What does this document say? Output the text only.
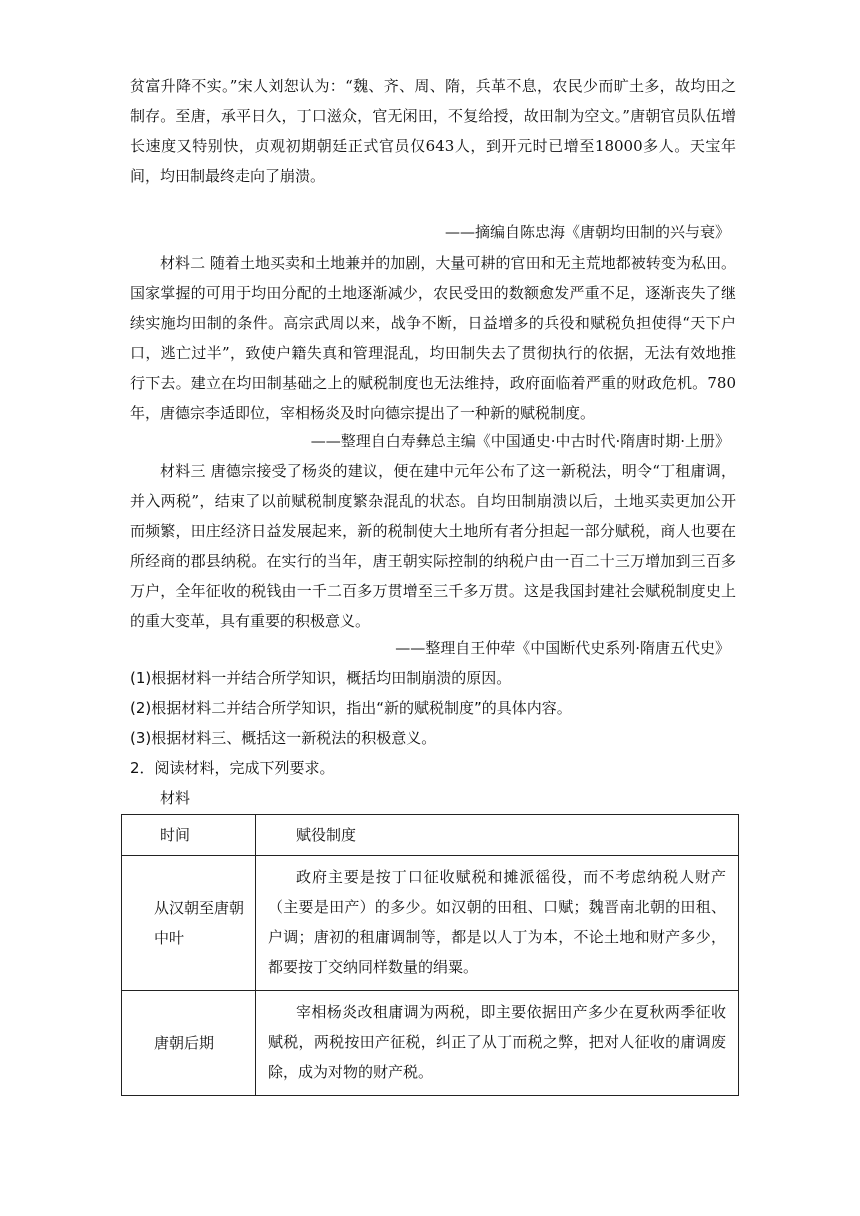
贫富升降不实。”宋人刘恕认为：“魏、齐、周、隋，兵革不息，农民少而旷土多，故均田之制存。至唐，承平日久，丁口滋众，官无闲田，不复给授，故田制为空文。”唐朝官员队伍增长速度又特别快，贞观初期朝廷正式官员仅643人，到开元时已增至18000多人。天宝年间，均田制最终走向了崩溃。

——摘编自陈忠海《唐朝均田制的兴与衰》

材料二 随着土地买卖和土地兼并的加剧，大量可耕的官田和无主荒地都被转变为私田。国家掌握的可用于均田分配的土地逐渐减少，农民受田的数额愈发严重不足，逐渐丧失了继续实施均田制的条件。高宗武周以来，战争不断，日益增多的兵役和赋税负担使得“天下户口，逃亡过半”，致使户籍失真和管理混乱，均田制失去了贯彻执行的依据，无法有效地推行下去。建立在均田制基础之上的赋税制度也无法维持，政府面临着严重的财政危机。780年，唐德宗李适即位，宰相杨炎及时向德宗提出了一种新的赋税制度。

——整理自白寿彝总主编《中国通史·中古时代·隋唐时期·上册》

材料三 唐德宗接受了杨炎的建议，便在建中元年公布了这一新税法，明令“丁租庸调，并入两税”，结束了以前赋税制度繁杂混乱的状态。自均田制崩溃以后，土地买卖更加公开而频繁，田庄经济日益发展起来，新的税制使大土地所有者分担起一部分赋税，商人也要在所经商的郡县纳税。在实行的当年，唐王朝实际控制的纳税户由一百二十三万增加到三百多万户，全年征收的税钱由一千二百多万贯增至三千多万贯。这是我国封建社会赋税制度史上的重大变革，具有重要的积极意义。

——整理自王仲荦《中国断代史系列·隋唐五代史》

(1)根据材料一并结合所学知识，概括均田制崩溃的原因。

(2)根据材料二并结合所学知识，指出“新的赋税制度”的具体内容。

(3)根据材料三、概括这一新税法的积极意义。

2．阅读材料，完成下列要求。

材料

时间	赋役制度
从汉朝至唐朝中叶	政府主要是按丁口征收赋税和摊派徭役，而不考虑纳税人财产（主要是田产）的多少。如汉朝的田租、口赋；魏晋南北朝的田租、户调；唐初的租庸调制等，都是以人丁为本，不论土地和财产多少，都要按丁交纳同样数量的绢粟。
唐朝后期	宰相杨炎改租庸调为两税，即主要依据田产多少在夏秋两季征收赋税，两税按田产征税，纠正了从丁而税之弊，把对人征收的庸调废除，成为对物的财产税。
